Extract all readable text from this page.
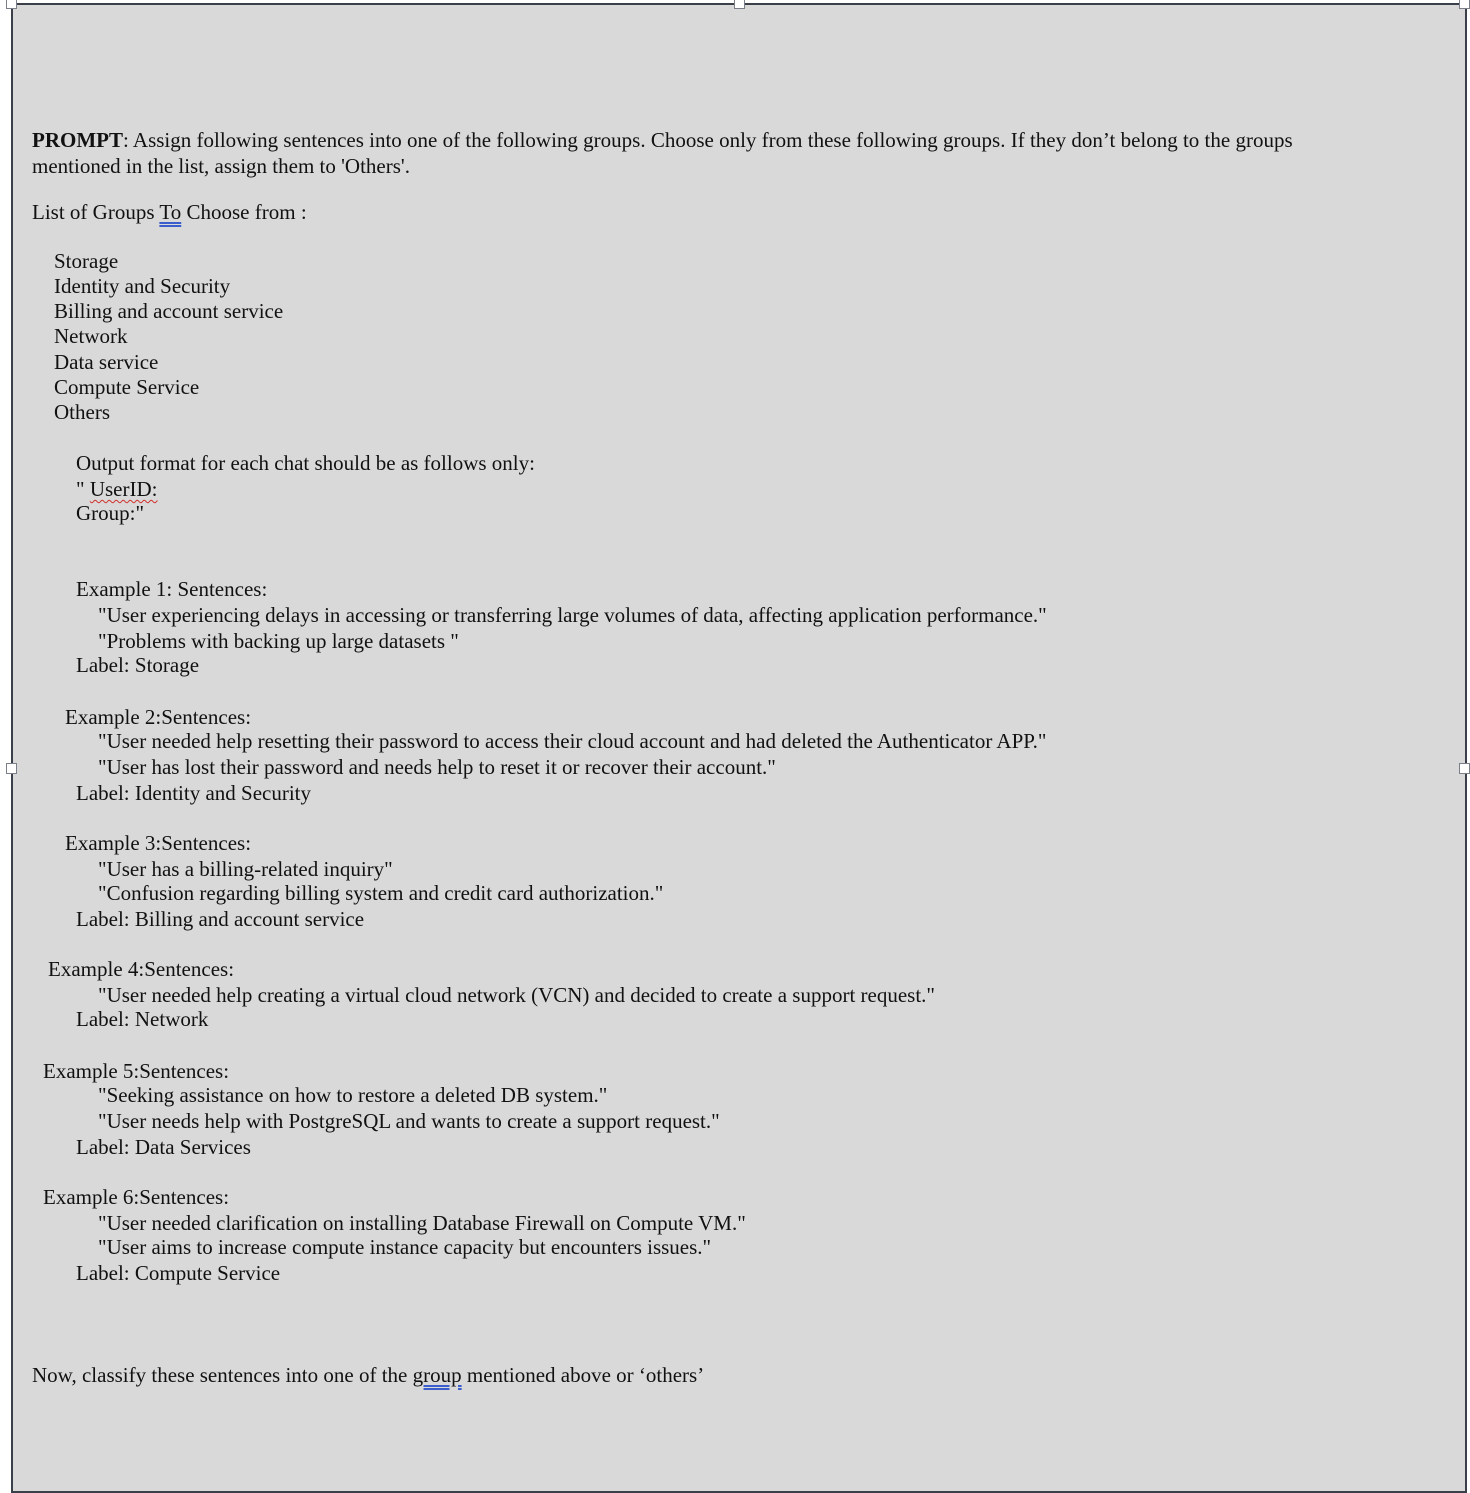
PROMPT: Assign following sentences into one of the following groups. Choose only from these following groups. If they don’t belong to the groups
mentioned in the list, assign them to 'Others'.
List of Groups To Choose from :
Storage
Identity and Security
Billing and account service
Network
Data service
Compute Service
Others
Output format for each chat should be as follows only:
" UserID:
Group:"
Example 1: Sentences:
"User experiencing delays in accessing or transferring large volumes of data, affecting application performance."
"Problems with backing up large datasets "
Label: Storage
Example 2:Sentences:
"User needed help resetting their password to access their cloud account and had deleted the Authenticator APP."
"User has lost their password and needs help to reset it or recover their account."
Label: Identity and Security
Example 3:Sentences:
"User has a billing-related inquiry"
"Confusion regarding billing system and credit card authorization."
Label: Billing and account service
Example 4:Sentences:
"User needed help creating a virtual cloud network (VCN) and decided to create a support request."
Label: Network
Example 5:Sentences:
"Seeking assistance on how to restore a deleted DB system."
"User needs help with PostgreSQL and wants to create a support request."
Label: Data Services
Example 6:Sentences:
"User needed clarification on installing Database Firewall on Compute VM."
"User aims to increase compute instance capacity but encounters issues."
Label: Compute Service
Now, classify these sentences into one of the group mentioned above or ‘others’
